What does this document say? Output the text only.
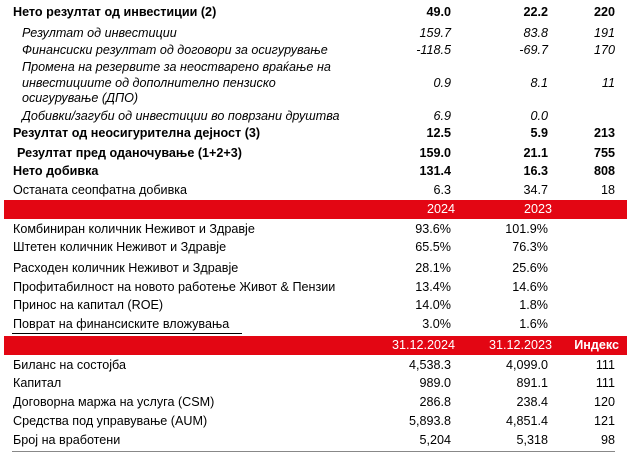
Нето резултат од инвестиции (2)	49.0	22.2	220
Резултат од инвестиции	159.7	83.8	191
Финансиски резултат од договори за осигурување	-118.5	-69.7	170
Промена на резервите за неостварено враќање на
инвестициите од дополнително пензиско
осигурување (ДПО)
0.9	8.1	11
Добивки/загуби од инвестиции во поврзани друштва	6.9	0.0
Резултат од неосигурителна дејност (3)	12.5	5.9	213
Резултат пред оданочување (1+2+3)	159.0	21.1	755
Нето добивка	131.4	16.3	808
Останата сеопфатна добивка	6.3	34.7	18
2024	2023
Комбиниран количник Неживот и Здравје	93.6%	101.9%
Штетен количник Неживот и Здравје	65.5%	76.3%
Расходен количник Неживот и Здравје	28.1%	25.6%
Профитабилност на новото работење Живот & Пензии	13.4%	14.6%
Принос на капитал (ROE)	14.0%	1.8%
Поврат на финансиските вложувања	3.0%	1.6%
31.12.2024	31.12.2023 Индекс
Биланс на состојба	4,538.3	4,099.0	111
Капитал	989.0	891.1	111
Договорна маржа на услуга (CSM)	286.8	238.4	120
Средства под управување (AUM)	5,893.8	4,851.4	121
Број на вработени	5,204	5,318	98
